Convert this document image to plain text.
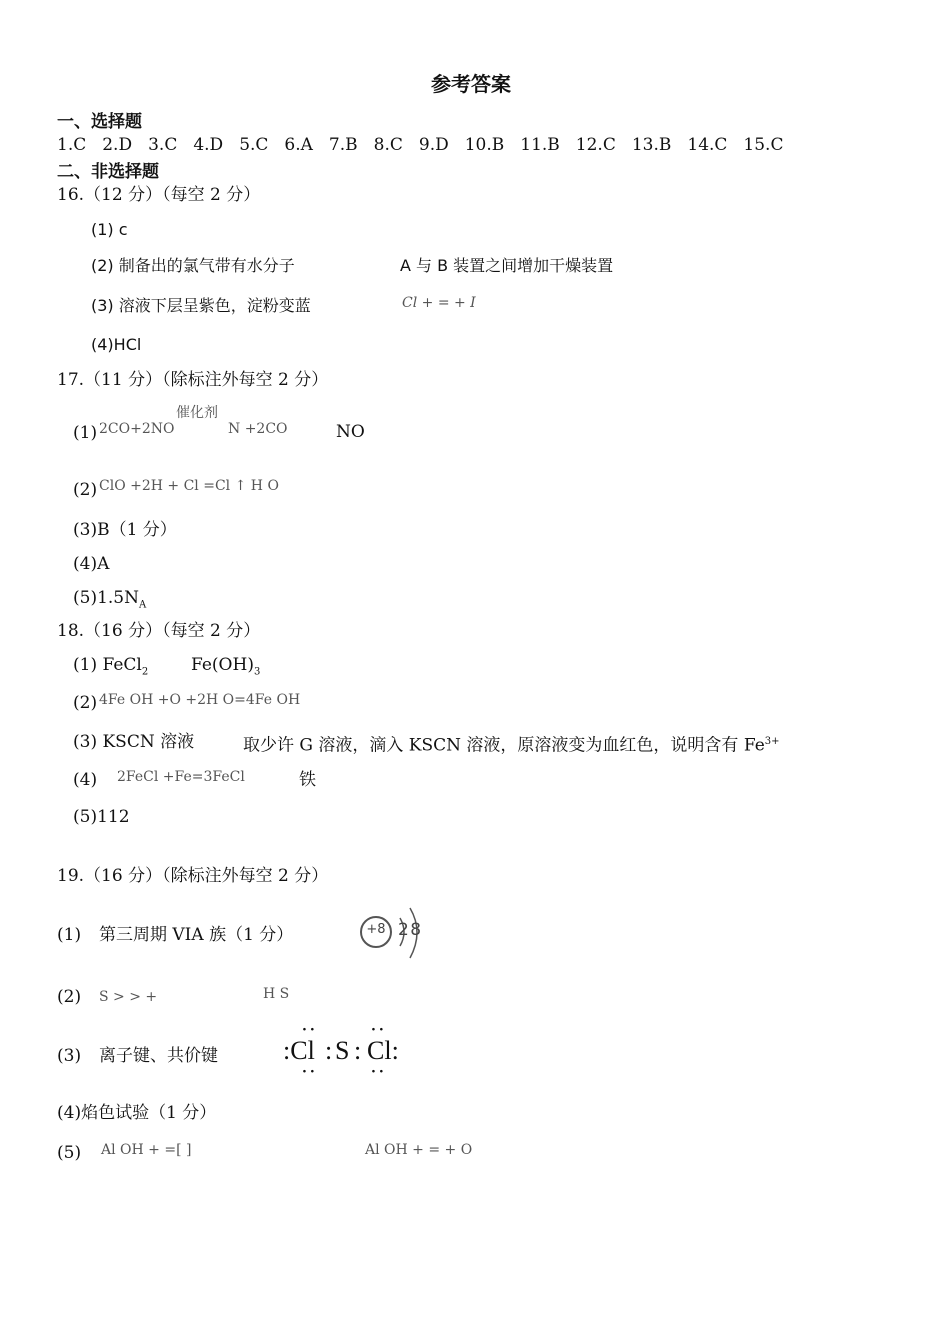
参考答案
一、选择题
1.C 2.D 3.C 4.D 5.C 6.A 7.B 8.C 9.D 10.B 11.B 12.C 13.B 14.C 15.C
二、非选择题
16.（12 分）（每空 2 分）
(1) c
(2) 制备出的氯气带有水分子	A 与 B 装置之间增加干燥装置
(3) 溶液下层呈紫色，淀粉变蓝	Cl + = + I
(4)HCl
17.（11 分）（除标注外每空 2 分）
(1) 2CO+2NO
催化剂
N +2CO	NO
(2) ClO +2H + Cl =Cl ↑ H O
(3)B（1 分）
(4)A
$(5)1.5N_A$
18.（16 分）（每空 2 分）
(1) FeCl$_2$	$Fe(OH)_3$
(2) 4Fe OH +O +2H O=4Fe OH
(3) KSCN 溶液	取少许 G 溶液，滴入 KSCN 溶液，原溶液变为血红色，说明含有 $Fe^{3+}$
(4) 2FeCl +Fe=3FeCl	铁
(5)112
19.（16 分）（除标注外每空 2 分）
(1) 第三周期 VIA 族（1 分）	+8 2 8
(2) S > > +	H S
(3) 离子键、共价键
··	··
:Cl : S : Cl:
··	··
(4)焰色试验（1 分）
(5) Al OH + =[ ]	Al OH + = + O
